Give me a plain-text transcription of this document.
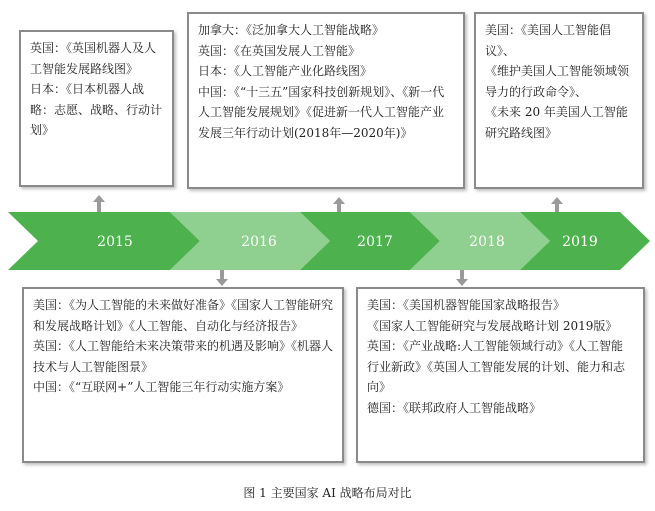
英国：《英国机器人及人工智能发展路线图》

日本：《日本机器人战略：志愿、战略、行动计划》

加拿大：《泛加拿大人工智能战略》

英国：《在英国发展人工智能》

日本：《人工智能产业化路线图》

中国：《“十三五”国家科技创新规划》、《新一代人工智能发展规划》《促进新一代人工智能产业发展三年行动计划(2018年—2020年)》

美国：《美国人工智能倡议》、

《维护美国人工智能领域领导力的行政命令》、

《未来 20 年美国人工智能研究路线图》

2015	2016	2017	2018	2019

美国：《为人工智能的未来做好准备》《国家人工智能研究和发展战略计划》《人工智能、自动化与经济报告》

英国：《人工智能给未来决策带来的机遇及影响》《机器人技术与人工智能图景》

中国：《“互联网+”人工智能三年行动实施方案》

美国：《美国机器智能国家战略报告》

《国家人工智能研究与发展战略计划 2019版》

英国：《产业战略:人工智能领域行动》《人工智能行业新政》《英国人工智能发展的计划、能力和志向》

德国：《联邦政府人工智能战略》

图 1 主要国家 AI 战略布局对比
